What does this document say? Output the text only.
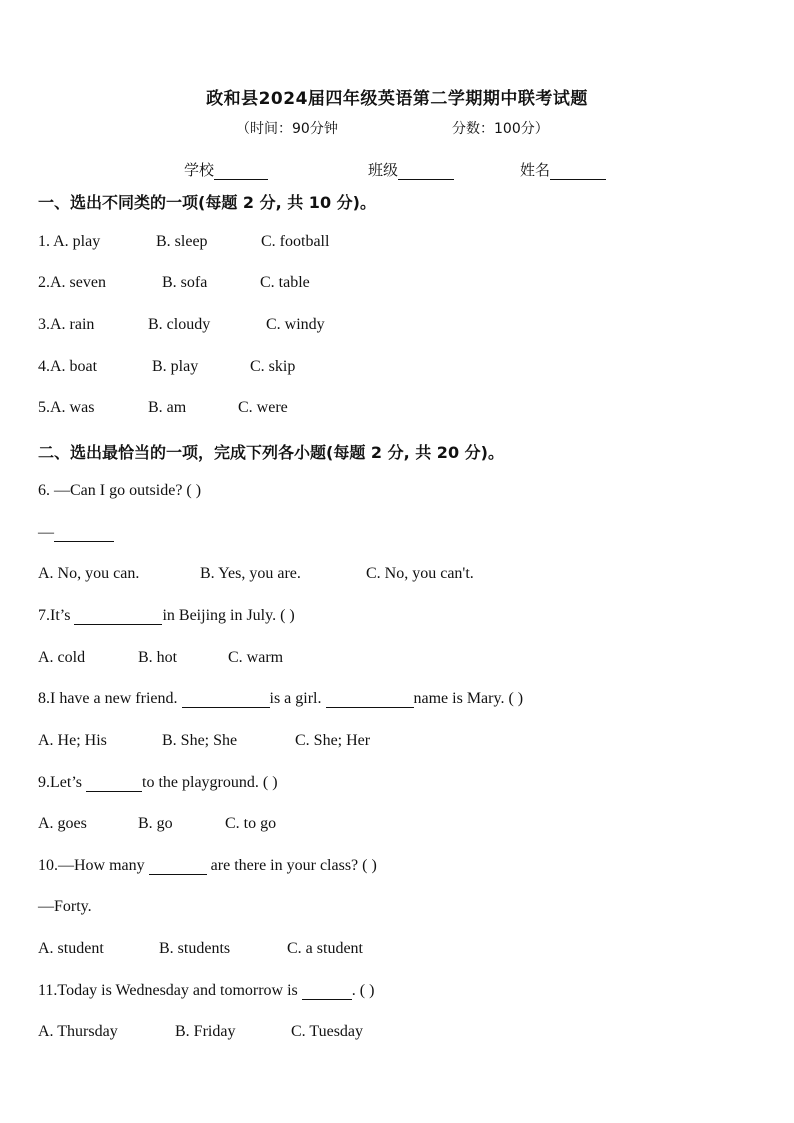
政和县2024届四年级英语第二学期期中联考试题
（时间：90分钟	分数：100分）
学校	班级	姓名
一、选出不同类的一项(每题 2 分, 共 10 分)。
1. A. play	B. sleep	C. football
2.A. seven	B. sofa	C. table
3.A. rain	B. cloudy	C. windy
4.A. boat	B. play	C. skip
5.A. was	B. am	C. were
二、选出最恰当的一项，完成下列各小题(每题 2 分, 共 20 分)。
6. —Can I go outside? ( )
—
A. No, you can.	B. Yes, you are.	C. No, you can't.
7.It’s	in Beijing in July. ( )
A. cold	B. hot	C. warm
8.I have a new friend.	is a girl.	name is Mary. ( )
A. He; His	B. She; She	C. She; Her
9.Let’s	to the playground. ( )
A. goes	B. go	C. to go
10.—How many	are there in your class? ( )
—Forty.
A. student	B. students	C. a student
11.Today is Wednesday and tomorrow is	. ( )
A. Thursday	B. Friday	C. Tuesday
